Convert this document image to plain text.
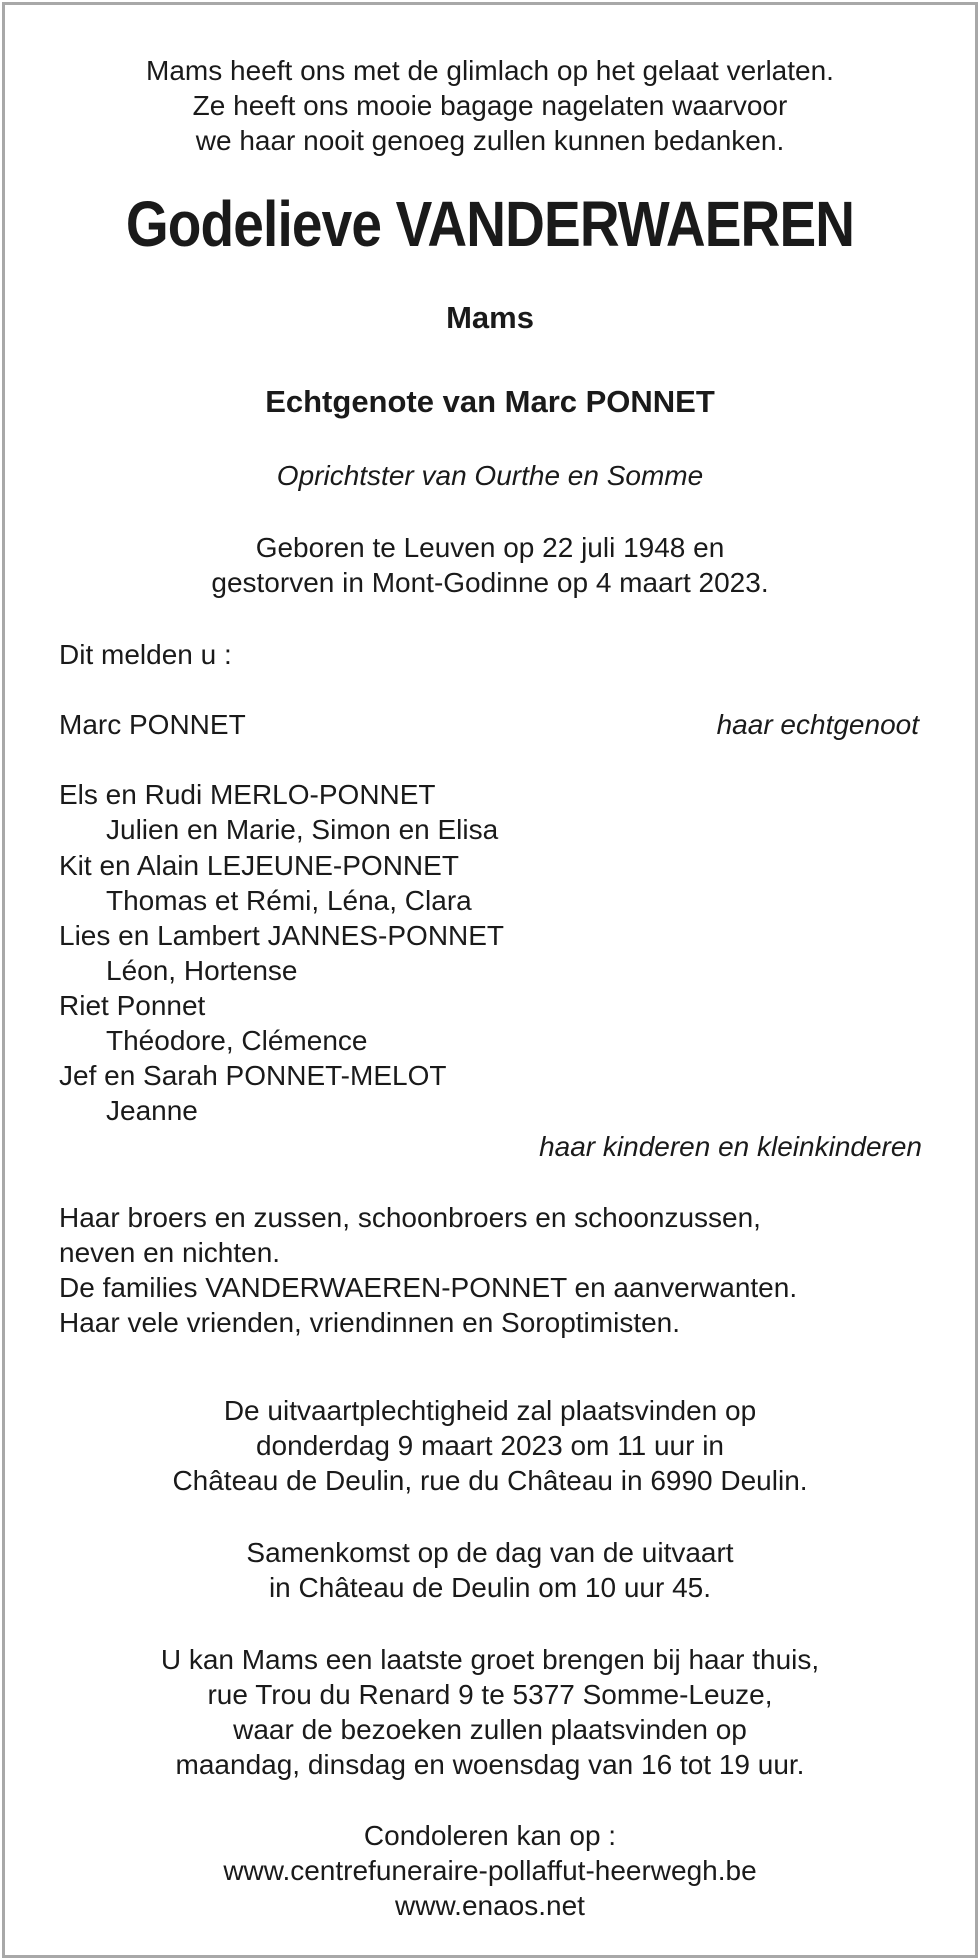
Mams heeft ons met de glimlach op het gelaat verlaten.
Ze heeft ons mooie bagage nagelaten waarvoor
we haar nooit genoeg zullen kunnen bedanken.
Godelieve VANDERWAEREN
Mams
Echtgenote van Marc PONNET
Oprichtster van Ourthe en Somme
Geboren te Leuven op 22 juli 1948 en
gestorven in Mont-Godinne op 4 maart 2023.
Dit melden u :
Marc PONNET	haar echtgenoot
Els en Rudi MERLO-PONNET
Julien en Marie, Simon en Elisa
Kit en Alain LEJEUNE-PONNET
Thomas et Rémi, Léna, Clara
Lies en Lambert JANNES-PONNET
Léon, Hortense
Riet Ponnet
Théodore, Clémence
Jef en Sarah PONNET-MELOT
Jeanne
haar kinderen en kleinkinderen
Haar broers en zussen, schoonbroers en schoonzussen,
neven en nichten.
De families VANDERWAEREN-PONNET en aanverwanten.
Haar vele vrienden, vriendinnen en Soroptimisten.
De uitvaartplechtigheid zal plaatsvinden op
donderdag 9 maart 2023 om 11 uur in
Château de Deulin, rue du Château in 6990 Deulin.
Samenkomst op de dag van de uitvaart
in Château de Deulin om 10 uur 45.
U kan Mams een laatste groet brengen bij haar thuis,
rue Trou du Renard 9 te 5377 Somme-Leuze,
waar de bezoeken zullen plaatsvinden op
maandag, dinsdag en woensdag van 16 tot 19 uur.
Condoleren kan op :
www.centrefuneraire-pollaffut-heerwegh.be
www.enaos.net
